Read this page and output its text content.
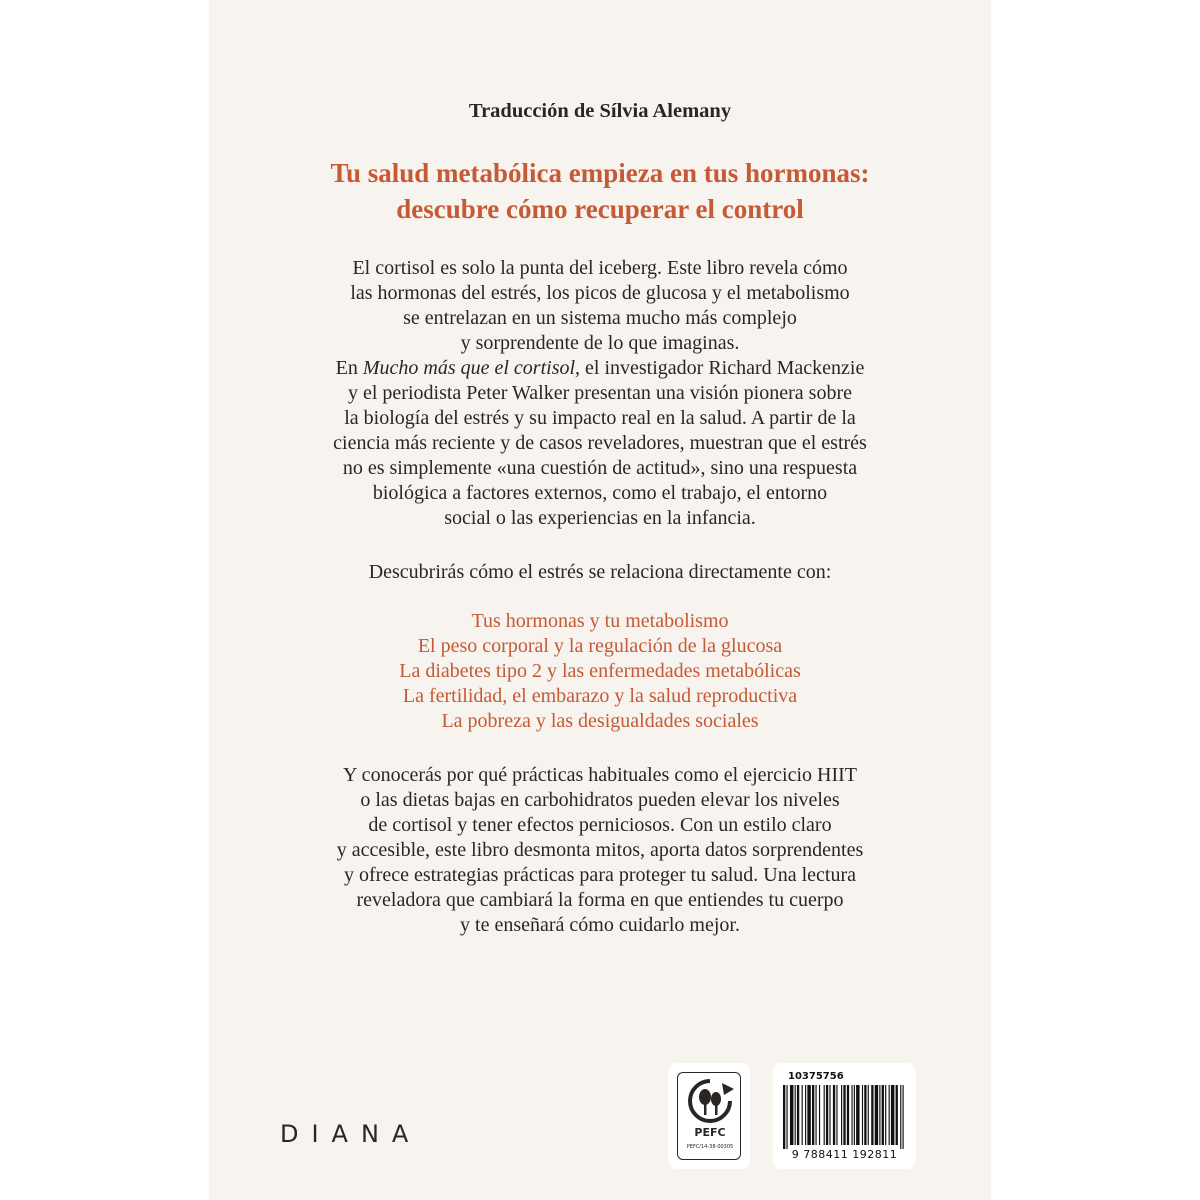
Traducción de Sílvia Alemany
Tu salud metabólica empieza en tus hormonas:
descubre cómo recuperar el control
El cortisol es solo la punta del iceberg. Este libro revela cómo
las hormonas del estrés, los picos de glucosa y el metabolismo
se entrelazan en un sistema mucho más complejo
y sorprendente de lo que imaginas.
En Mucho más que el cortisol, el investigador Richard Mackenzie
y el periodista Peter Walker presentan una visión pionera sobre
la biología del estrés y su impacto real en la salud. A partir de la
ciencia más reciente y de casos reveladores, muestran que el estrés
no es simplemente «una cuestión de actitud», sino una respuesta
biológica a factores externos, como el trabajo, el entorno
social o las experiencias en la infancia.
Descubrirás cómo el estrés se relaciona directamente con:
Tus hormonas y tu metabolismo
El peso corporal y la regulación de la glucosa
La diabetes tipo 2 y las enfermedades metabólicas
La fertilidad, el embarazo y la salud reproductiva
La pobreza y las desigualdades sociales
Y conocerás por qué prácticas habituales como el ejercicio HIIT
o las dietas bajas en carbohidratos pueden elevar los niveles
de cortisol y tener efectos perniciosos. Con un estilo claro
y accesible, este libro desmonta mitos, aporta datos sorprendentes
y ofrece estrategias prácticas para proteger tu salud. Una lectura
reveladora que cambiará la forma en que entiendes tu cuerpo
y te enseñará cómo cuidarlo mejor.
DIANA	PEFC
PEFC/14-38-00305
10375756
9 788411 192811
